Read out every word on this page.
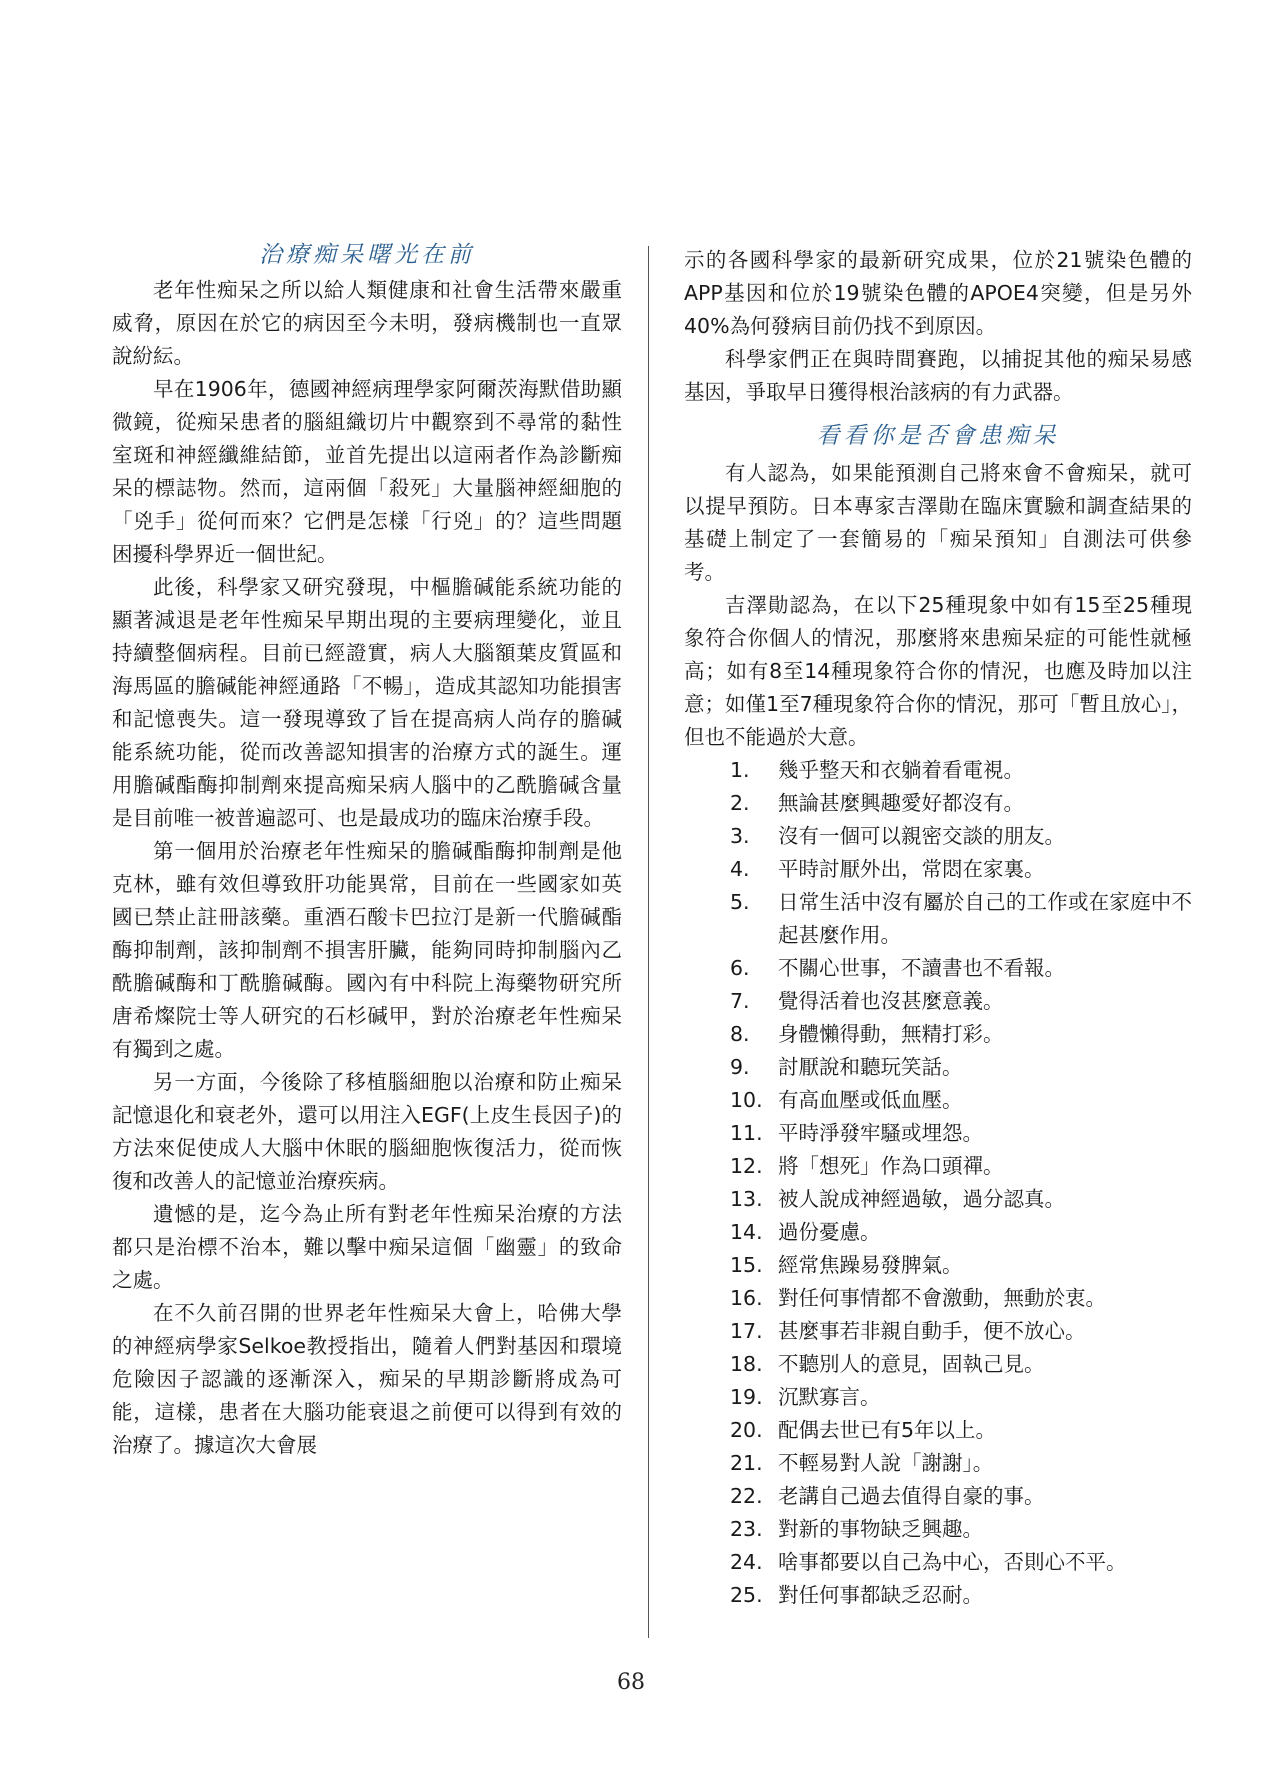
治療痴呆曙光在前

老年性痴呆之所以給人類健康和社會生活帶來嚴重威脅，原因在於它的病因至今未明，發病機制也一直眾說紛紜。

早在1906年，德國神經病理學家阿爾茨海默借助顯微鏡，從痴呆患者的腦組織切片中觀察到不尋常的黏性室斑和神經纖維結節，並首先提出以這兩者作為診斷痴呆的標誌物。然而，這兩個「殺死」大量腦神經細胞的「兇手」從何而來？它們是怎樣「行兇」的？這些問題困擾科學界近一個世紀。

此後，科學家又研究發現，中樞膽碱能系統功能的顯著減退是老年性痴呆早期出現的主要病理變化，並且持續整個病程。目前已經證實，病人大腦額葉皮質區和海馬區的膽碱能神經通路「不暢」，造成其認知功能損害和記憶喪失。這一發現導致了旨在提高病人尚存的膽碱能系統功能，從而改善認知損害的治療方式的誕生。運用膽碱酯酶抑制劑來提高痴呆病人腦中的乙酰膽碱含量是目前唯一被普遍認可、也是最成功的臨床治療手段。

第一個用於治療老年性痴呆的膽碱酯酶抑制劑是他克林，雖有效但導致肝功能異常，目前在一些國家如英國已禁止註冊該藥。重酒石酸卡巴拉汀是新一代膽碱酯酶抑制劑，該抑制劑不損害肝臟，能夠同時抑制腦內乙酰膽碱酶和丁酰膽碱酶。國內有中科院上海藥物研究所唐希燦院士等人研究的石杉碱甲，對於治療老年性痴呆有獨到之處。

另一方面，今後除了移植腦細胞以治療和防止痴呆記憶退化和衰老外，還可以用注入EGF(上皮生長因子)的方法來促使成人大腦中休眠的腦細胞恢復活力，從而恢復和改善人的記憶並治療疾病。

遺憾的是，迄今為止所有對老年性痴呆治療的方法都只是治標不治本，難以擊中痴呆這個「幽靈」的致命之處。

在不久前召開的世界老年性痴呆大會上，哈佛大學的神經病學家Selkoe教授指出，隨着人們對基因和環境危險因子認識的逐漸深入，痴呆的早期診斷將成為可能，這樣，患者在大腦功能衰退之前便可以得到有效的治療了。據這次大會展

示的各國科學家的最新研究成果，位於21號染色體的APP基因和位於19號染色體的APOE4突變，但是另外40%為何發病目前仍找不到原因。

科學家們正在與時間賽跑，以捕捉其他的痴呆易感基因，爭取早日獲得根治該病的有力武器。

看看你是否會患痴呆

有人認為，如果能預測自己將來會不會痴呆，就可以提早預防。日本專家吉澤勛在臨床實驗和調查結果的基礎上制定了一套簡易的「痴呆預知」自測法可供參考。

吉澤勛認為，在以下25種現象中如有15至25種現象符合你個人的情況，那麼將來患痴呆症的可能性就極高；如有8至14種現象符合你的情況，也應及時加以注意；如僅1至7種現象符合你的情況，那可「暫且放心」，但也不能過於大意。

1.	幾乎整天和衣躺着看電視。
2.	無論甚麼興趣愛好都沒有。
3.	沒有一個可以親密交談的朋友。
4.	平時討厭外出，常悶在家裏。
5.	日常生活中沒有屬於自己的工作或在家庭中不起甚麼作用。
6.	不關心世事，不讀書也不看報。
7.	覺得活着也沒甚麼意義。
8.	身體懶得動，無精打彩。
9.	討厭說和聽玩笑話。
10. 有高血壓或低血壓。
11. 平時淨發牢騷或埋怨。
12. 將「想死」作為口頭禪。
13. 被人說成神經過敏，過分認真。
14. 過份憂慮。
15. 經常焦躁易發脾氣。
16. 對任何事情都不會激動，無動於衷。
17. 甚麼事若非親自動手，便不放心。
18. 不聽別人的意見，固執己見。
19. 沉默寡言。
20. 配偶去世已有5年以上。
21. 不輕易對人說「謝謝」。
22. 老講自己過去值得自豪的事。
23. 對新的事物缺乏興趣。
24. 啥事都要以自己為中心，否則心不平。
25. 對任何事都缺乏忍耐。
68
